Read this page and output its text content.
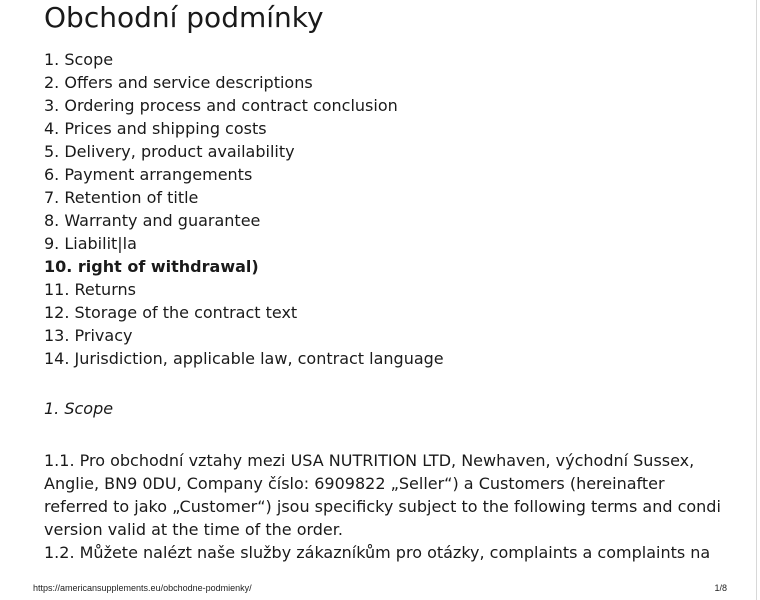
Obchodní podmínky
1. Scope
2. Offers and service descriptions
3. Ordering process and contract conclusion
4. Prices and shipping costs
5. Delivery, product availability
6. Payment arrangements
7. Retention of title
8. Warranty and guarantee
9. Liabilit|la
10. right of withdrawal)
11. Returns
12. Storage of the contract text
13. Privacy
14. Jurisdiction, applicable law, contract language
1. Scope

1.1. Pro obchodní vztahy mezi USA NUTRITION LTD, Newhaven, východní Sussex, Anglie, BN9 0DU, Company číslo: 6909822 „Seller“) a Customers (hereinafter referred to jako „Customer“) jsou specificky subject to the following terms and condi version valid at the time of the order.

1.2. Můžete nalézt naše služby zákazníkům pro otázky, complaints a complaints na

https://americansupplements.eu/obchodne-podmienky/	1/8
